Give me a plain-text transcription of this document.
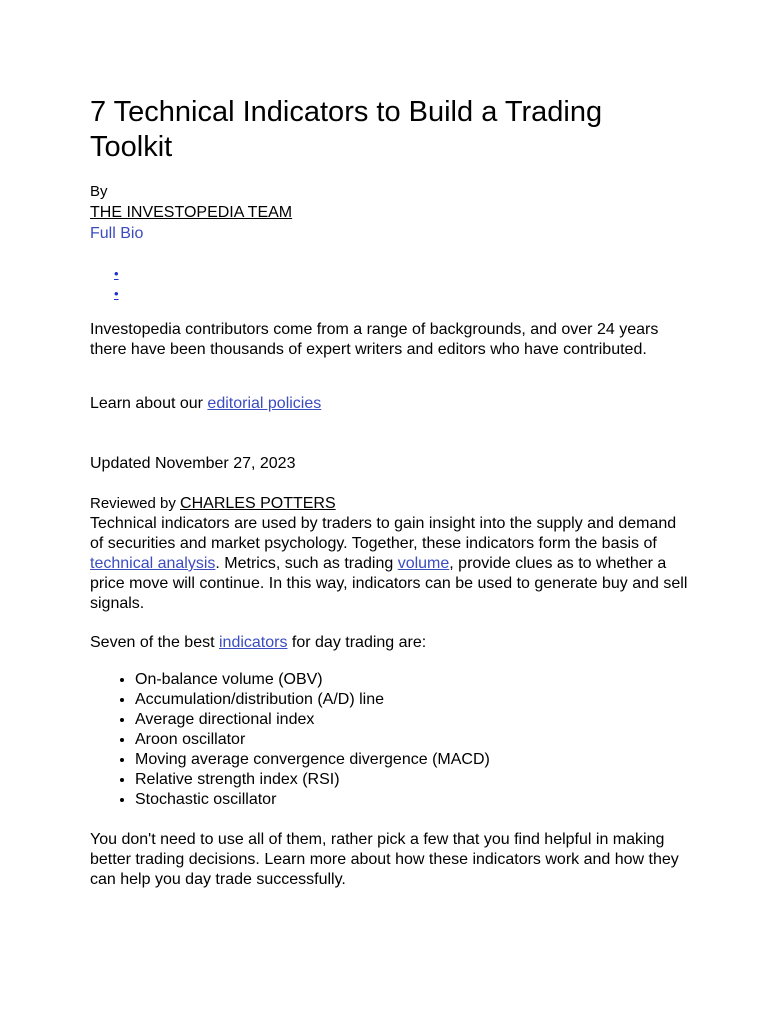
7 Technical Indicators to Build a Trading Toolkit
By
THE INVESTOPEDIA TEAM
Full Bio
•
•

Investopedia contributors come from a range of backgrounds, and over 24 years there have been thousands of expert writers and editors who have contributed.

Learn about our editorial policies

Updated November 27, 2023

Reviewed by CHARLES POTTERS

Technical indicators are used by traders to gain insight into the supply and demand of securities and market psychology. Together, these indicators form the basis of technical analysis. Metrics, such as trading volume, provide clues as to whether a price move will continue. In this way, indicators can be used to generate buy and sell signals.

Seven of the best indicators for day trading are:

• On-balance volume (OBV)
• Accumulation/distribution (A/D) line
• Average directional index
• Aroon oscillator
• Moving average convergence divergence (MACD)
• Relative strength index (RSI)
• Stochastic oscillator

You don't need to use all of them, rather pick a few that you find helpful in making better trading decisions. Learn more about how these indicators work and how they can help you day trade successfully.
